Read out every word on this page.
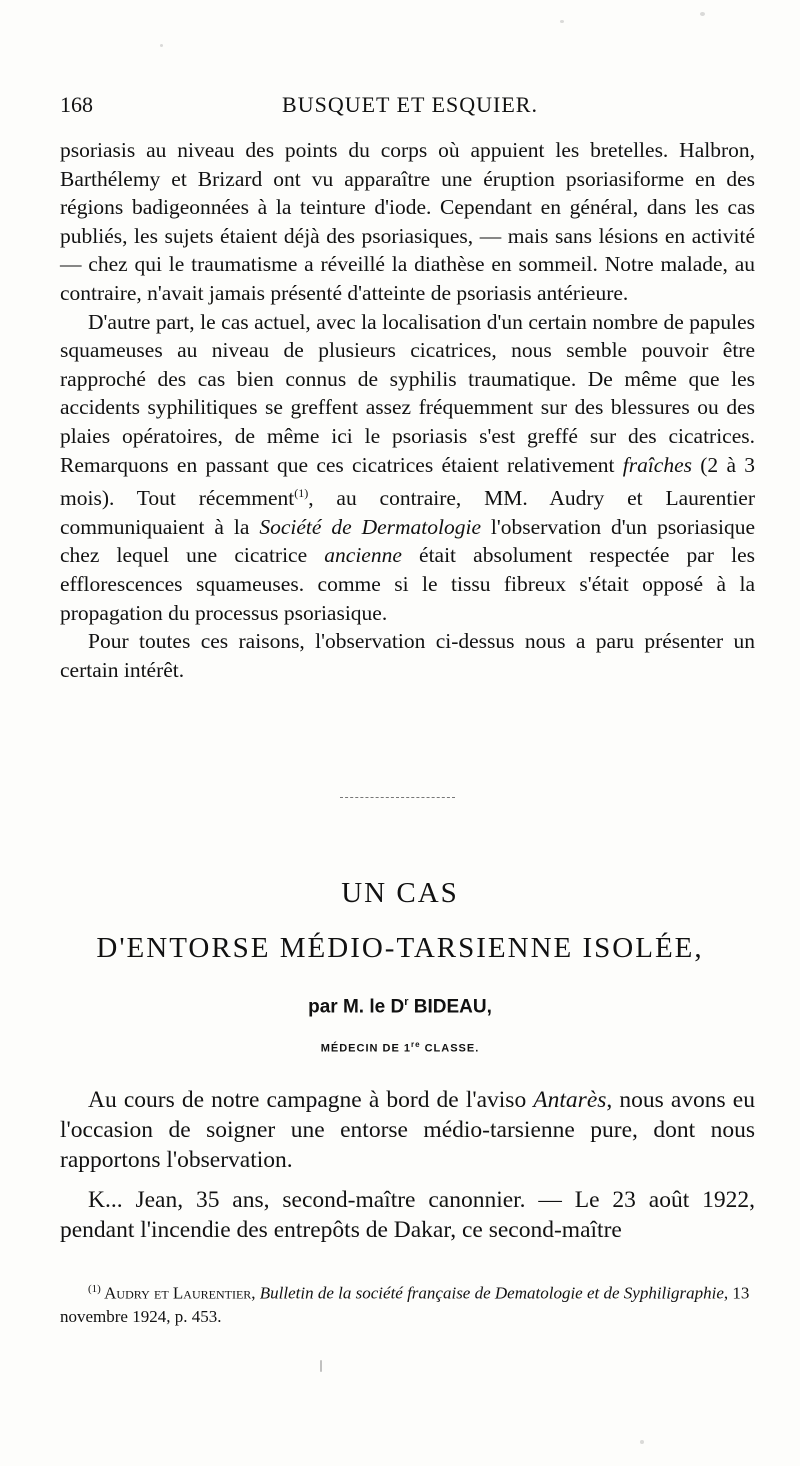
168	BUSQUET ET ESQUIER.

psoriasis au niveau des points du corps où appuient les bretelles. Halbron, Barthélemy et Brizard ont vu apparaître une éruption psoriasiforme en des régions badigeonnées à la teinture d'iode. Cependant en général, dans les cas publiés, les sujets étaient déjà des psoriasiques, — mais sans lésions en activité — chez qui le traumatisme a réveillé la diathèse en sommeil. Notre malade, au contraire, n'avait jamais présenté d'atteinte de psoriasis antérieure.

D'autre part, le cas actuel, avec la localisation d'un certain nombre de papules squameuses au niveau de plusieurs cicatrices, nous semble pouvoir être rapproché des cas bien connus de syphilis traumatique. De même que les accidents syphilitiques se greffent assez fréquemment sur des blessures ou des plaies opératoires, de même ici le psoriasis s'est greffé sur des cicatrices. Remarquons en passant que ces cicatrices étaient relativement fraîches (2 à 3 mois). Tout récemment$^{(1)}$, au contraire, MM. Audry et Laurentier communiquaient à la Société de Dermatologie l'observation d'un psoriasique chez lequel une cicatrice ancienne était absolument respectée par les efflorescences squameuses. comme si le tissu fibreux s'était opposé à la propagation du processus psoriasique.

Pour toutes ces raisons, l'observation ci-dessus nous a paru présenter un certain intérêt.

UN CAS
D'ENTORSE MÉDIO-TARSIENNE ISOLÉE,
par M. le $D^r$ BIDEAU,
MÉDECIN DE 1re CLASSE.

Au cours de notre campagne à bord de l'aviso Antarès, nous avons eu l'occasion de soigner une entorse médio-tarsienne pure, dont nous rapportons l'observation.

K... Jean, 35 ans, second-maître canonnier. — Le 23 août 1922, pendant l'incendie des entrepôts de Dakar, ce second-maître

$^{(1)}$ Audry et Laurentier, Bulletin de la société française de Dematologie et de Syphiligraphie, 13 novembre 1924, p. 453.
